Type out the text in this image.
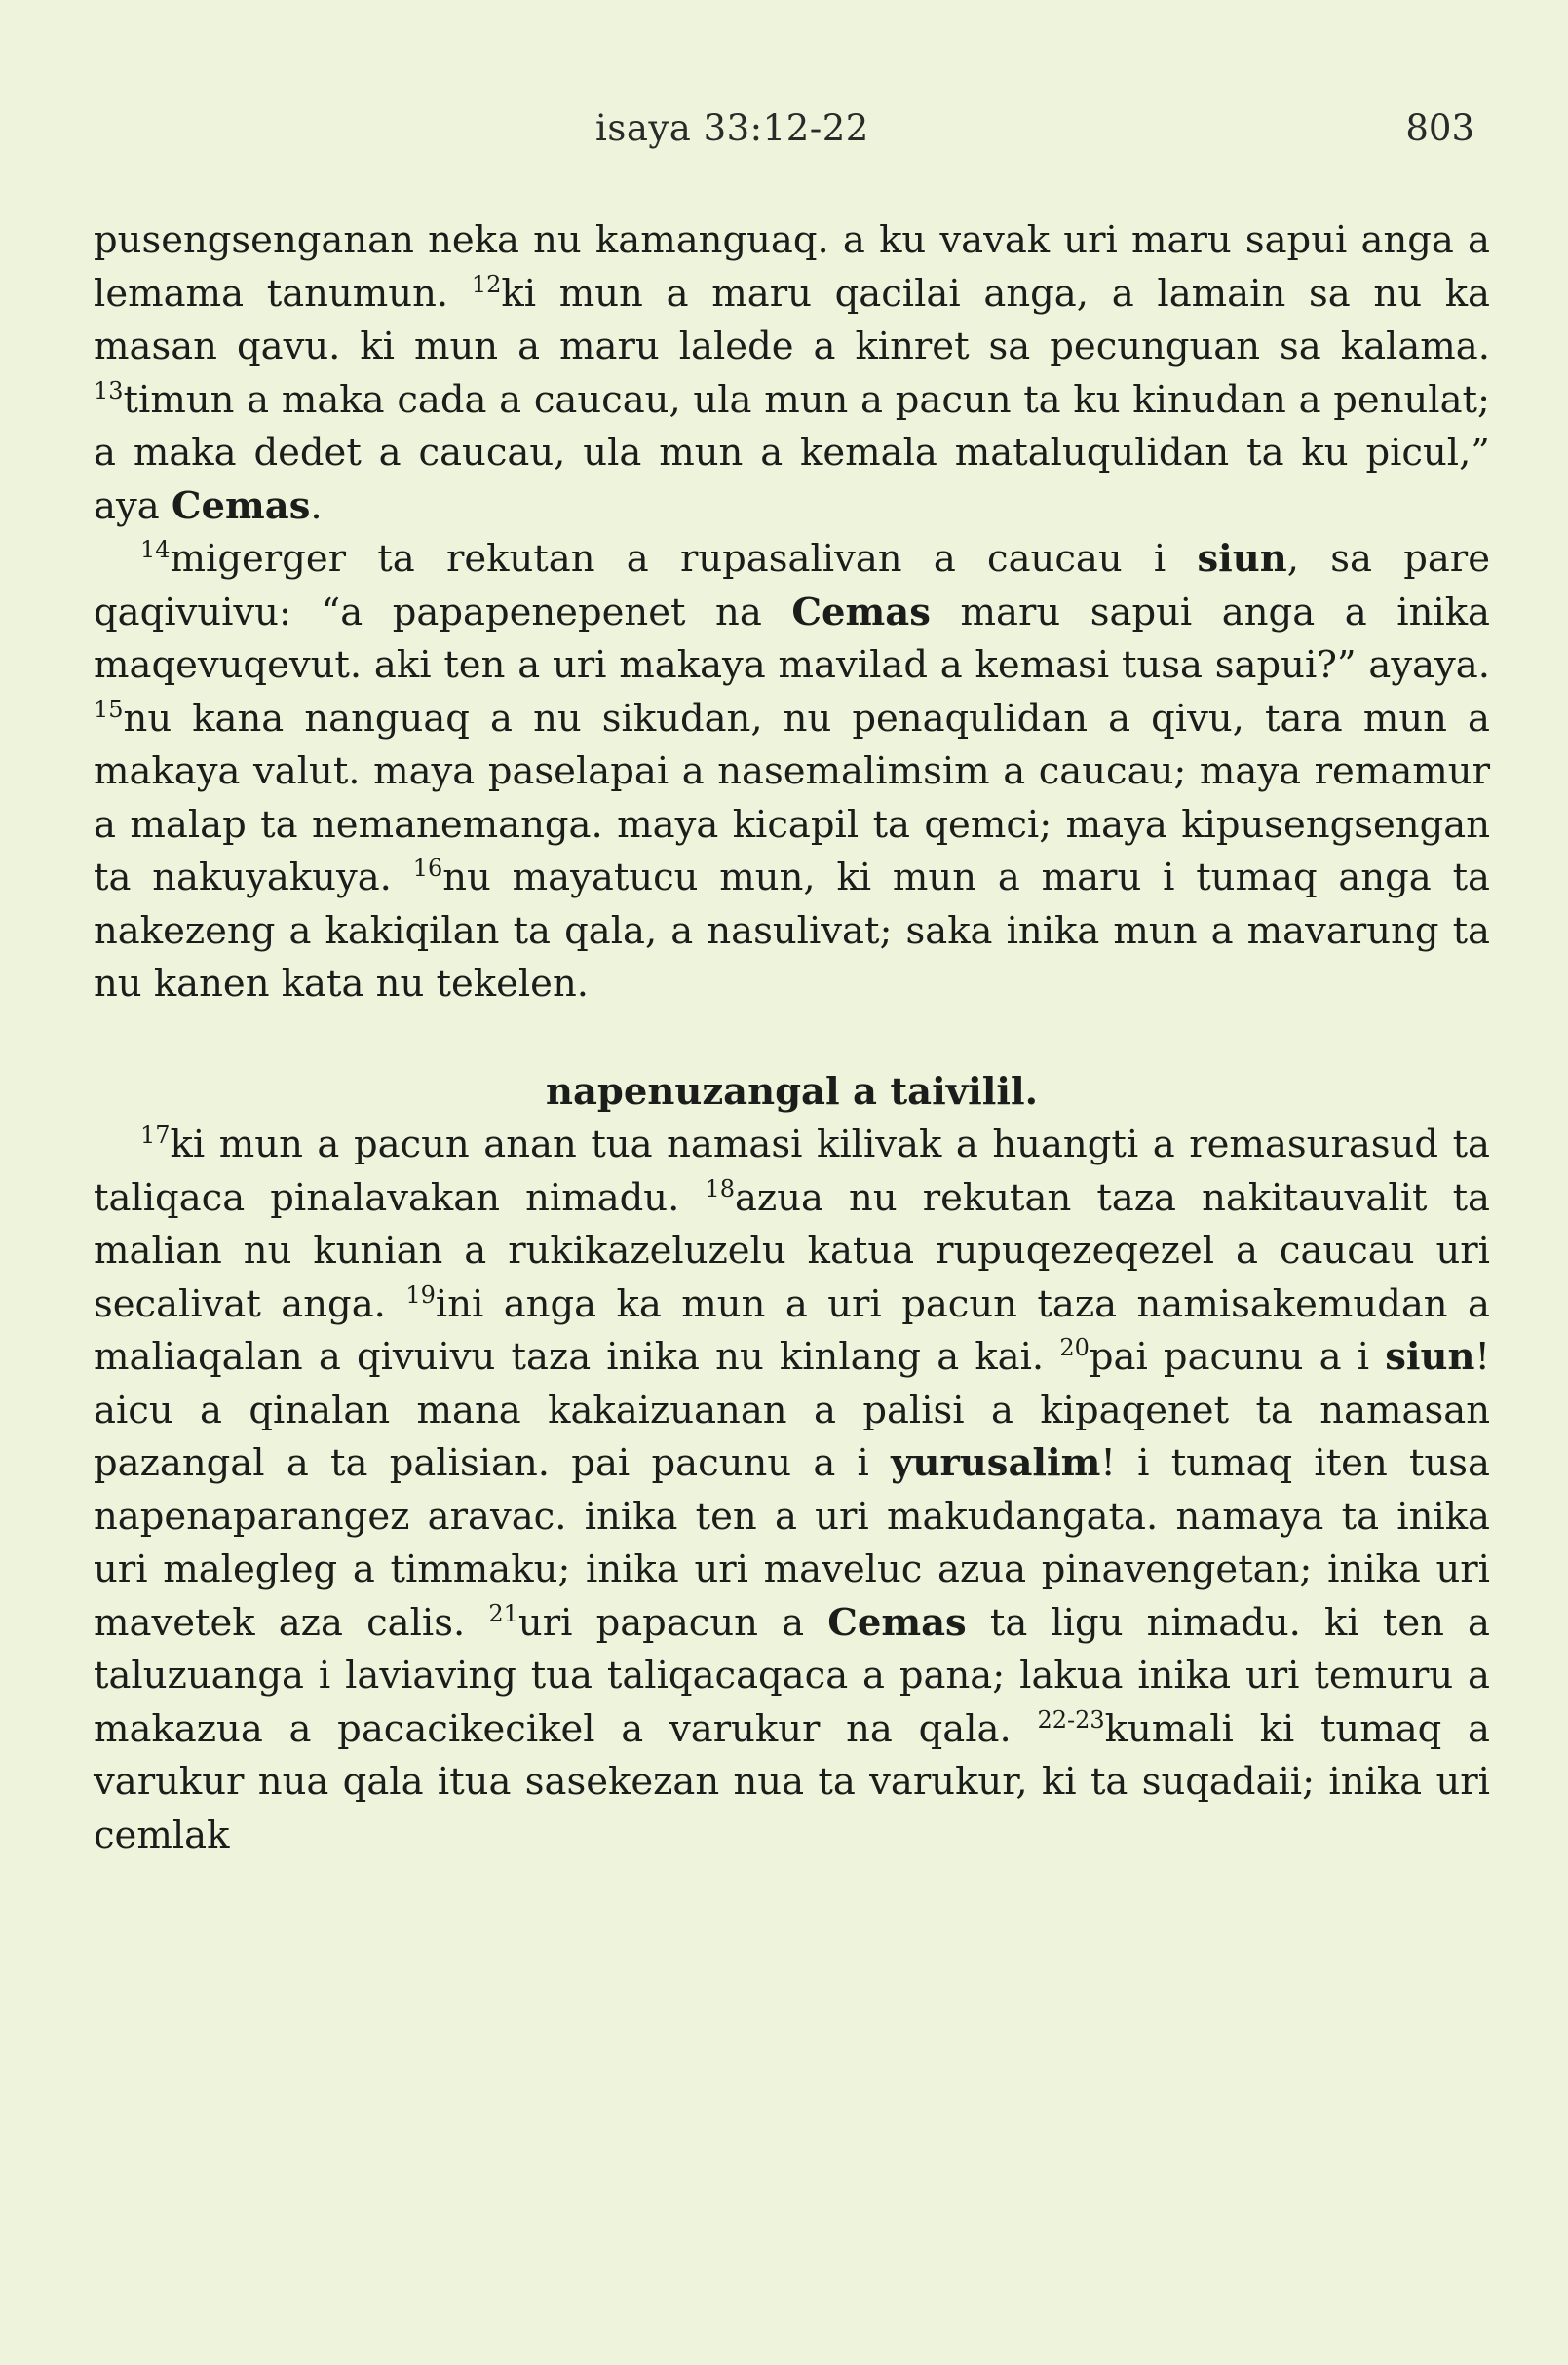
isaya 33:12-22	803

pusengsenganan neka nu kamanguaq. a ku vavak uri maru sapui anga a lemama tanumun. $^{12}$ki mun a maru qacilai anga, a lamain sa nu ka masan qavu. ki mun a maru lalede a kinret sa pecunguan sa kalama. $^{13}$timun a maka cada a caucau, ula mun a pacun ta ku kinudan a penulat; a maka dedet a caucau, ula mun a kemala mataluqulidan ta ku picul,” aya Cemas.

$^{14}$migerger ta rekutan a rupasalivan a caucau i siun, sa pare qaqivuivu: “a papapenepenet na Cemas maru sapui anga a inika maqevuqevut. aki ten a uri makaya mavilad a kemasi tusa sapui?” ayaya. $^{15}$nu kana nanguaq a nu sikudan, nu penaqulidan a qivu, tara mun a makaya valut. maya paselapai a nasemalimsim a caucau; maya remamur a malap ta nemanemanga. maya kicapil ta qemci; maya kipusengsengan ta nakuyakuya. $^{16}$nu mayatucu mun, ki mun a maru i tumaq anga ta nakezeng a kakiqilan ta qala, a nasulivat; saka inika mun a mavarung ta nu kanen kata nu tekelen.

napenuzangal a taivilil.

$^{17}$ki mun a pacun anan tua namasi kilivak a huangti a remasurasud ta taliqaca pinalavakan nimadu. $^{18}$azua nu rekutan taza nakitauvalit ta malian nu kunian a rukikazeluzelu katua rupuqezeqezel a caucau uri secalivat anga. $^{19}$ini anga ka mun a uri pacun taza namisakemudan a maliaqalan a qivuivu taza inika nu kinlang a kai. $^{20}$pai pacunu a i siun! aicu a qinalan mana kakaizuanan a palisi a kipaqenet ta namasan pazangal a ta palisian. pai pacunu a i yurusalim! i tumaq iten tusa napenaparangez aravac. inika ten a uri makudangata. namaya ta inika uri malegleg a timmaku; inika uri maveluc azua pinavengetan; inika uri mavetek aza calis. $^{21}$uri papacun a Cemas ta ligu nimadu. ki ten a taluzuanga i laviaving tua taliqacaqaca a pana; lakua inika uri temuru a makazua a pacacikecikel a varukur na qala. $^{22-23}$kumali ki tumaq a varukur nua qala itua sasekezan nua ta varukur, ki ta suqadaii; inika uri cemlak
